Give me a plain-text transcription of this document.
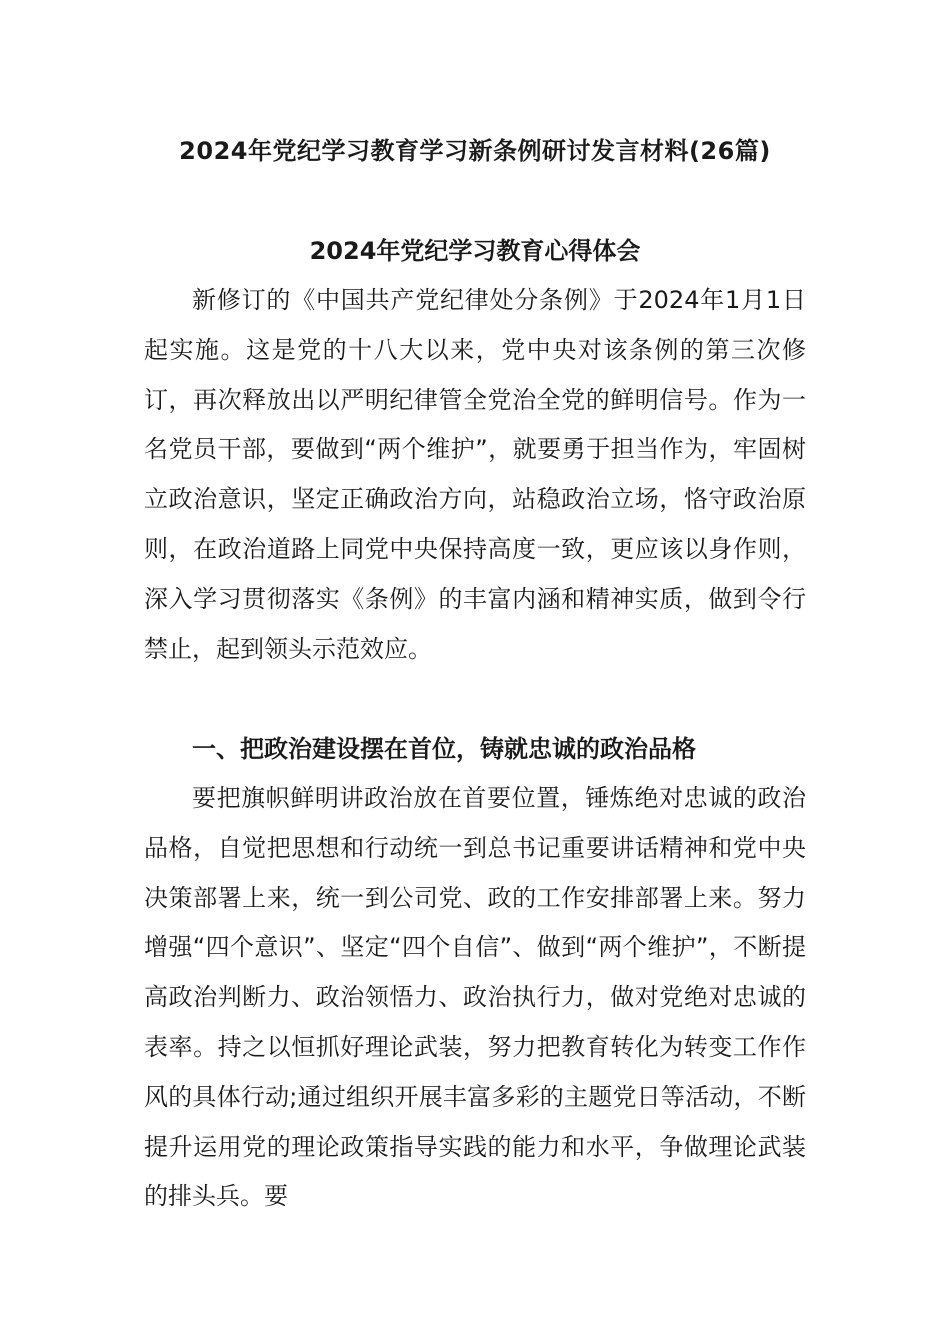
2024年党纪学习教育学习新条例研讨发言材料(26篇)
2024年党纪学习教育心得体会

新修订的《中国共产党纪律处分条例》于2024年1月1日起实施。这是党的十八大以来，党中央对该条例的第三次修订，再次释放出以严明纪律管全党治全党的鲜明信号。作为一名党员干部，要做到“两个维护”，就要勇于担当作为，牢固树立政治意识，坚定正确政治方向，站稳政治立场，恪守政治原则，在政治道路上同党中央保持高度一致，更应该以身作则，深入学习贯彻落实《条例》的丰富内涵和精神实质，做到令行禁止，起到领头示范效应。

一、把政治建设摆在首位，铸就忠诚的政治品格

要把旗帜鲜明讲政治放在首要位置，锤炼绝对忠诚的政治品格，自觉把思想和行动统一到总书记重要讲话精神和党中央决策部署上来，统一到公司党、政的工作安排部署上来。努力增强“四个意识”、坚定“四个自信”、做到“两个维护”，不断提高政治判断力、政治领悟力、政治执行力，做对党绝对忠诚的表率。持之以恒抓好理论武装，努力把教育转化为转变工作作风的具体行动;通过组织开展丰富多彩的主题党日等活动，不断提升运用党的理论政策指导实践的能力和水平，争做理论武装的排头兵。要
